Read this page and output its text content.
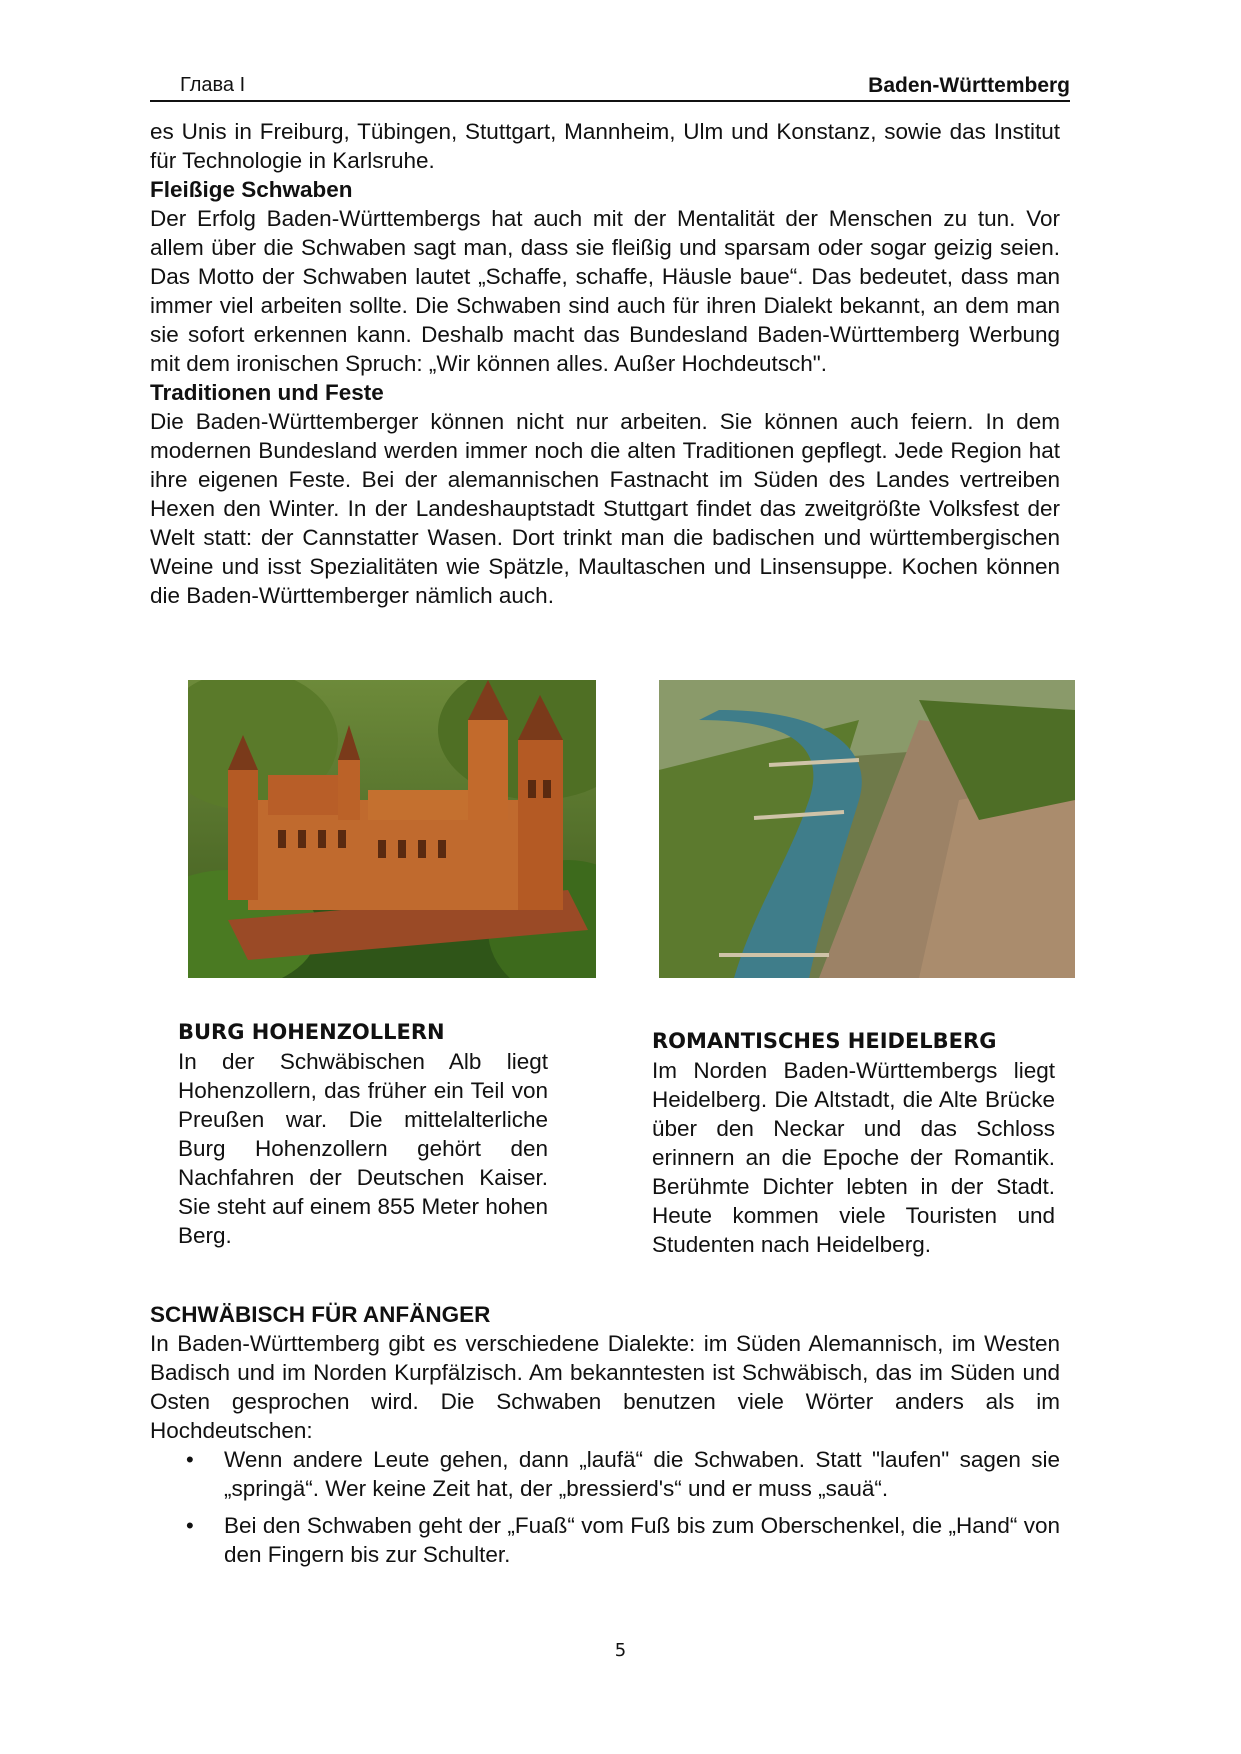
Глава I	Baden-Württemberg

es Unis in Freiburg, Tübingen, Stuttgart, Mannheim, Ulm und Konstanz, sowie das Institut für Technologie in Karlsruhe.

Fleißige Schwaben

Der Erfolg Baden-Württembergs hat auch mit der Mentalität der Menschen zu tun. Vor allem über die Schwaben sagt man, dass sie fleißig und sparsam oder sogar geizig seien. Das Motto der Schwaben lautet „Schaffe, schaffe, Häusle baue“. Das bedeutet, dass man immer viel arbeiten sollte. Die Schwaben sind auch für ihren Dialekt bekannt, an dem man sie sofort erkennen kann. Deshalb macht das Bundesland Baden-Württemberg Werbung mit dem ironischen Spruch: „Wir können alles. Außer Hochdeutsch".

Traditionen und Feste

Die Baden-Württemberger können nicht nur arbeiten. Sie können auch feiern. In dem modernen Bundesland werden immer noch die alten Traditionen gepflegt. Jede Region hat ihre eigenen Feste. Bei der alemannischen Fastnacht im Süden des Landes vertreiben Hexen den Winter. In der Landeshauptstadt Stuttgart findet das zweitgrößte Volksfest der Welt statt: der Cannstatter Wasen. Dort trinkt man die badischen und württembergischen Weine und isst Spezialitäten wie Spätzle, Maultaschen und Linsensuppe. Kochen können die Baden-Württemberger nämlich auch.

BURG HOHENZOLLERN
In der Schwäbischen Alb liegt Hohenzollern, das früher ein Teil von Preußen war. Die mittelalterliche Burg Hohenzollern gehört den Nachfahren der Deutschen Kaiser. Sie steht auf einem 855 Meter hohen Berg.
ROMANTISCHES HEIDELBERG
Im Norden Baden-Württembergs liegt Heidelberg. Die Altstadt, die Alte Brücke über den Neckar und das Schloss erinnern an die Epoche der Romantik. Berühmte Dichter lebten in der Stadt. Heute kommen viele Touristen und Studenten nach Heidelberg.

SCHWÄBISCH FÜR ANFÄNGER

In Baden-Württemberg gibt es verschiedene Dialekte: im Süden Alemannisch, im Westen Badisch und im Norden Kurpfälzisch. Am bekanntesten ist Schwäbisch, das im Süden und Osten gesprochen wird. Die Schwaben benutzen viele Wörter anders als im Hochdeutschen:

• Wenn andere Leute gehen, dann „laufä“ die Schwaben. Statt "laufen" sagen sie „springä“. Wer keine Zeit hat, der „bressierd's“ und er muss „sauä“.
• Bei den Schwaben geht der „Fuaß“ vom Fuß bis zum Oberschenkel, die „Hand“ von den Fingern bis zur Schulter.
5
